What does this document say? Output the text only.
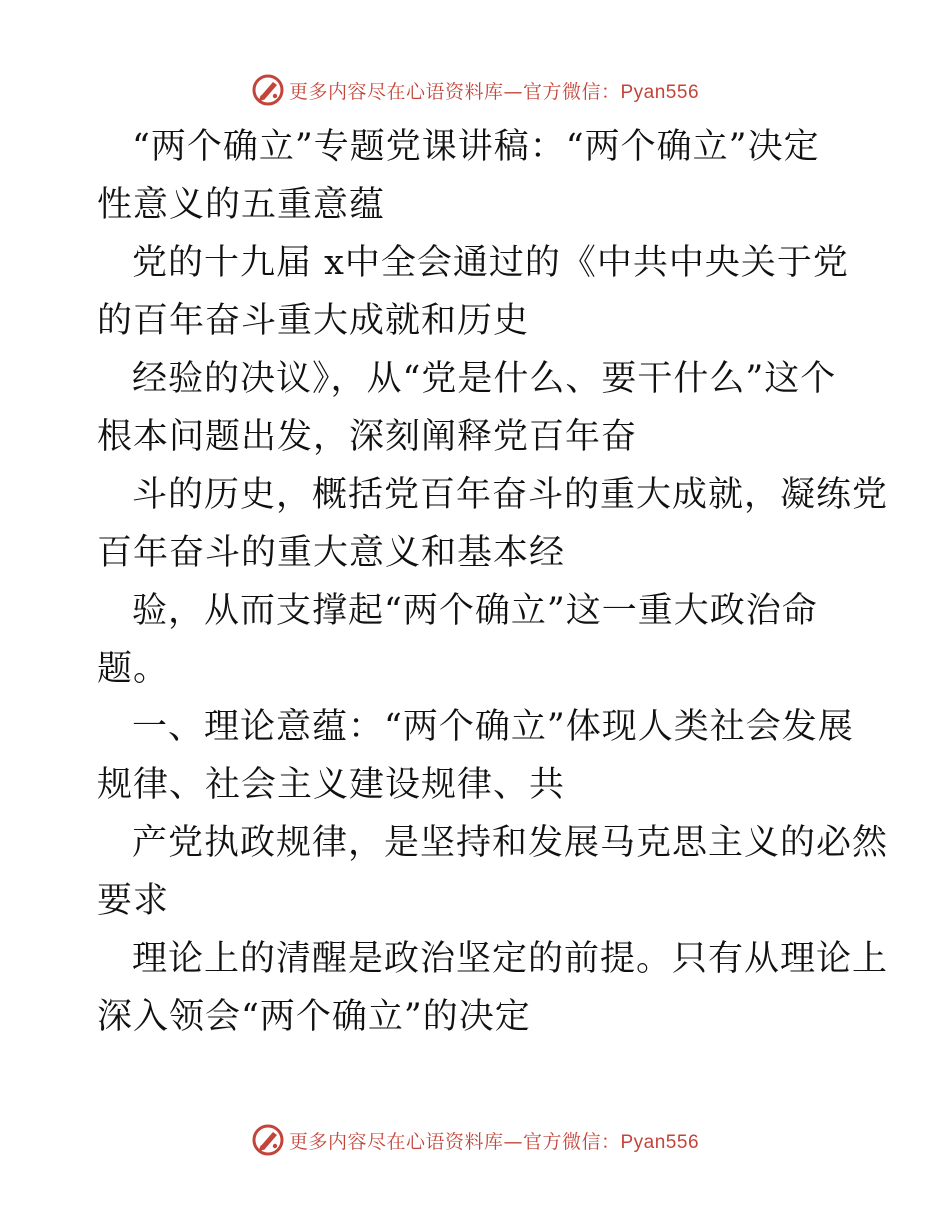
更多内容尽在心语资料库—官方微信：Pyan556
“两个确立”专题党课讲稿：“两个确立”决定
性意义的五重意蕴
党的十九届 x中全会通过的《中共中央关于党
的百年奋斗重大成就和历史
经验的决议》，从“党是什么、要干什么”这个
根本问题出发，深刻阐释党百年奋
斗的历史，概括党百年奋斗的重大成就，凝练党
百年奋斗的重大意义和基本经
验，从而支撑起“两个确立”这一重大政治命
题。
一、理论意蕴：“两个确立”体现人类社会发展
规律、社会主义建设规律、共
产党执政规律，是坚持和发展马克思主义的必然
要求
理论上的清醒是政治坚定的前提。只有从理论上
深入领会“两个确立”的决定
更多内容尽在心语资料库—官方微信：Pyan556
